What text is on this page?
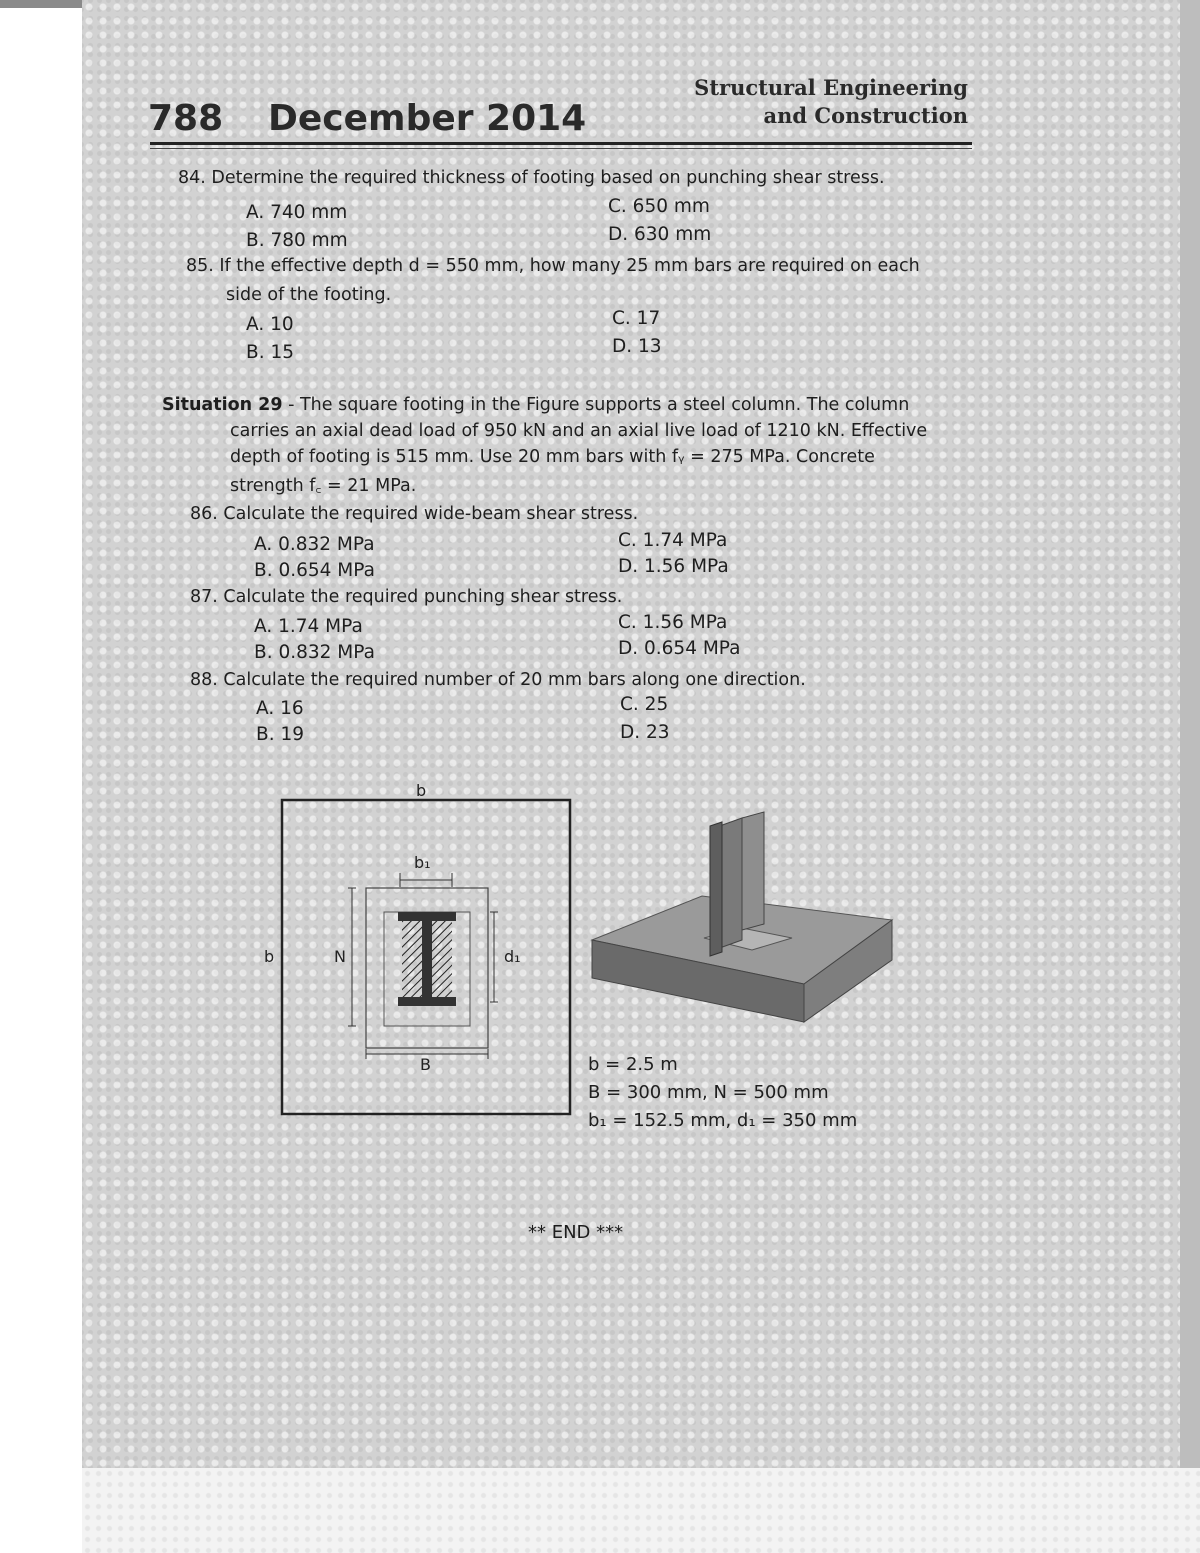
788 December 2014
Structural Engineering
and Construction
84. Determine the required thickness of footing based on punching shear stress.
A. 740 mm
B. 780 mm
C. 650 mm
D. 630 mm
85. If the effective depth d = 550 mm, how many 25 mm bars are required on each
side of the footing.
A. 10
B. 15
C. 17
D. 13
Situation 29 - The square footing in the Figure supports a steel column. The column
carries an axial dead load of 950 kN and an axial live load of 1210 kN. Effective
depth of footing is 515 mm. Use 20 mm bars with fᵧ = 275 MPa. Concrete
strength f꜀ = 21 MPa.
86. Calculate the required wide-beam shear stress.
A. 0.832 MPa
B. 0.654 MPa
C. 1.74 MPa
D. 1.56 MPa
87. Calculate the required punching shear stress.
A. 1.74 MPa
B. 0.832 MPa
C. 1.56 MPa
D. 0.654 MPa
88. Calculate the required number of 20 mm bars along one direction.
A. 16
B. 19
C. 25
D. 23
b
b₁
b	N	d₁
B	b = 2.5 m
B = 300 mm, N = 500 mm
b₁ = 152.5 mm, d₁ = 350 mm
** END ***
